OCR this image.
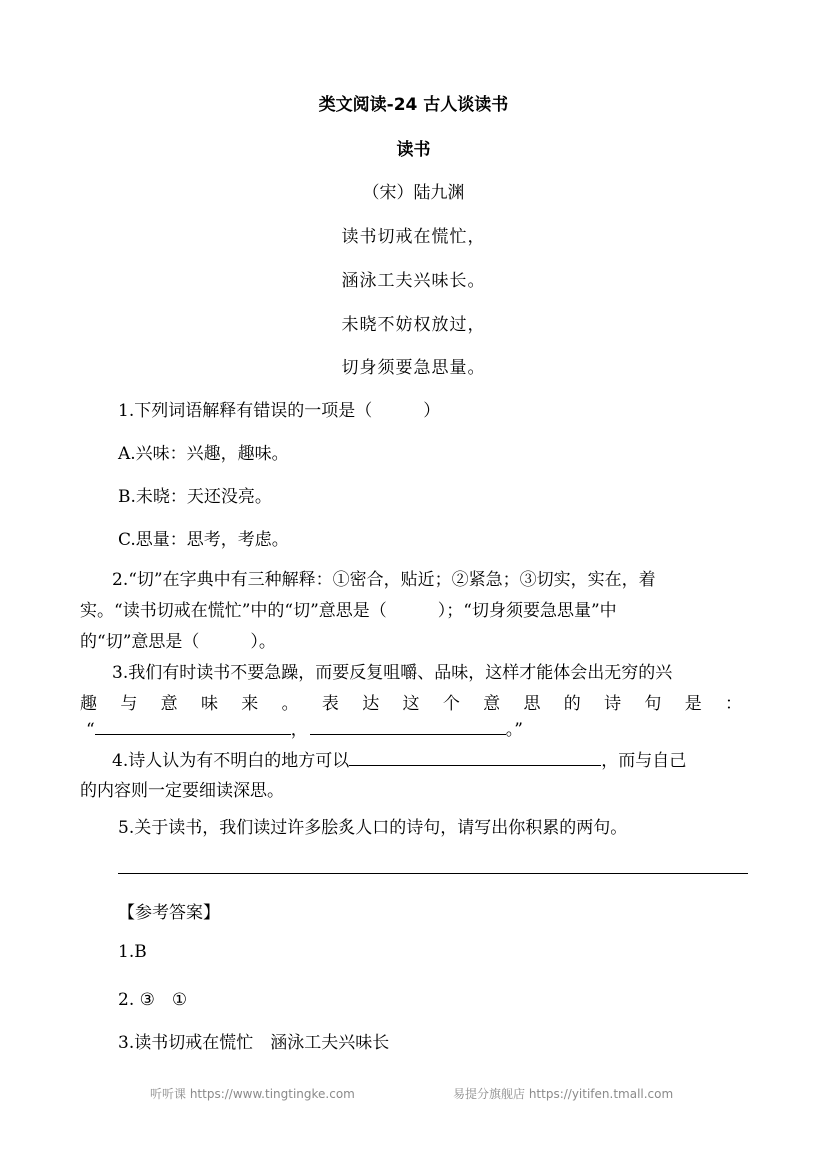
类文阅读-24 古人谈读书
读书
（宋）陆九渊
读书切戒在慌忙，
涵泳工夫兴味长。
未晓不妨权放过，
切身须要急思量。
1.下列词语解释有错误的一项是（　　　）
A.兴味：兴趣，趣味。
B.未晓：天还没亮。
C.思量：思考，考虑。
2.“切”在字典中有三种解释：①密合，贴近；②紧急；③切实，实在，着
实。“读书切戒在慌忙”中的“切”意思是（　　　）；“切身须要急思量”中
的“切”意思是（　　　）。
3.我们有时读书不要急躁，而要反复咀嚼、品味，这样才能体会出无穷的兴
趣 与 意 味 来 。 表 达 这 个 意 思 的 诗 句 是 ：
“	，	。”
4.诗人认为有不明白的地方可以	，而与自己
的内容则一定要细读深思。
5.关于读书，我们读过许多脍炙人口的诗句，请写出你积累的两句。
【参考答案】
1.B
2. ③　①
3.读书切戒在慌忙　涵泳工夫兴味长
听听课 https://www.tingtingke.com	易提分旗舰店 https://yitifen.tmall.com
